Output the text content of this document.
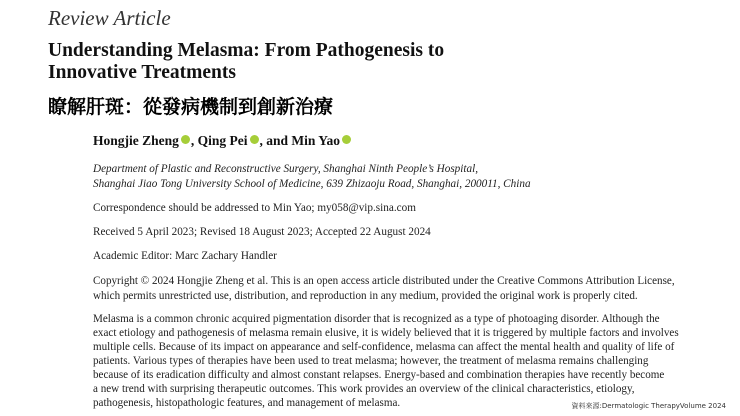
Review Article
Understanding Melasma: From Pathogenesis to
Innovative Treatments
瞭解肝斑：從發病機制到創新治療
Hongjie Zheng , Qing Pei , and Min Yao
Department of Plastic and Reconstructive Surgery, Shanghai Ninth People’s Hospital,
Shanghai Jiao Tong University School of Medicine, 639 Zhizaoju Road, Shanghai, 200011, China
Correspondence should be addressed to Min Yao; my058@vip.sina.com
Received 5 April 2023; Revised 18 August 2023; Accepted 22 August 2024
Academic Editor: Marc Zachary Handler
Copyright © 2024 Hongjie Zheng et al. This is an open access article distributed under the Creative Commons Attribution License,
which permits unrestricted use, distribution, and reproduction in any medium, provided the original work is properly cited.
Melasma is a common chronic acquired pigmentation disorder that is recognized as a type of photoaging disorder. Although the
exact etiology and pathogenesis of melasma remain elusive, it is widely believed that it is triggered by multiple factors and involves
multiple cells. Because of its impact on appearance and self-confidence, melasma can affect the mental health and quality of life of
patients. Various types of therapies have been used to treat melasma; however, the treatment of melasma remains challenging
because of its eradication difficulty and almost constant relapses. Energy-based and combination therapies have recently become
a new trend with surprising therapeutic outcomes. This work provides an overview of the clinical characteristics, etiology,
pathogenesis, histopathologic features, and management of melasma.	資料來源:Dermatologic TherapyVolume 2024
